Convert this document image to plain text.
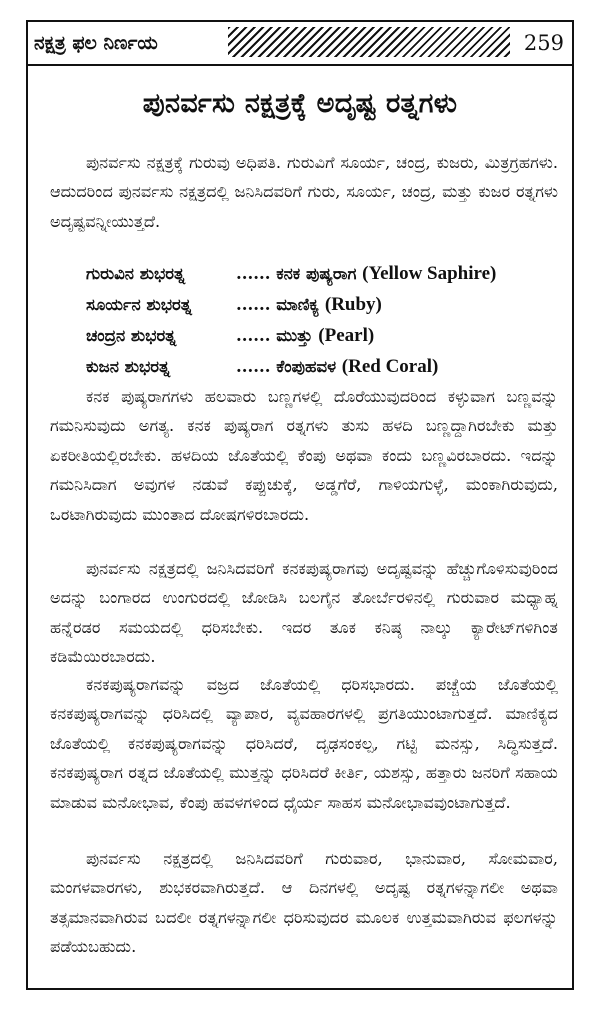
ನಕ್ಷತ್ರ ಫಲ ನಿರ್ಣಯ	259
ಪುನರ್ವಸು ನಕ್ಷತ್ರಕ್ಕೆ ಅದೃಷ್ಟ ರತ್ನಗಳು

ಪುನರ್ವಸು ನಕ್ಷತ್ರಕ್ಕೆ ಗುರುವು ಅಧಿಪತಿ. ಗುರುವಿಗೆ ಸೂರ್ಯ, ಚಂದ್ರ, ಕುಜರು, ಮಿತ್ರಗ್ರಹಗಳು. ಆದುದರಿಂದ ಪುನರ್ವಸು ನಕ್ಷತ್ರದಲ್ಲಿ ಜನಿಸಿದವರಿಗೆ ಗುರು, ಸೂರ್ಯ, ಚಂದ್ರ, ಮತ್ತು ಕುಜರ ರತ್ನಗಳು ಅದೃಷ್ಟವನ್ನೀಯುತ್ತದೆ.

ಗುರುವಿನ ಶುಭರತ್ನ	...... ಕನಕ ಪುಷ್ಯರಾಗ (Yellow Saphire)
ಸೂರ್ಯನ ಶುಭರತ್ನ	...... ಮಾಣಿಕ್ಯ (Ruby)
ಚಂದ್ರನ ಶುಭರತ್ನ	...... ಮುತ್ತು (Pearl)
ಕುಜನ ಶುಭರತ್ನ	...... ಕೆಂಪುಹವಳ (Red Coral)

ಕನಕ ಪುಷ್ಯರಾಗಗಳು ಹಲವಾರು ಬಣ್ಣಗಳಲ್ಲಿ ದೊರೆಯುವುದರಿಂದ ಕಳ್ಳುವಾಗ ಬಣ್ಣವನ್ನು ಗಮನಿಸುವುದು ಅಗತ್ಯ. ಕನಕ ಪುಷ್ಯರಾಗ ರತ್ನಗಳು ತುಸು ಹಳದಿ ಬಣ್ಣದ್ದಾಗಿರಬೇಕು ಮತ್ತು ಏಕರೀತಿಯಲ್ಲಿರಬೇಕು. ಹಳದಿಯ ಜೊತೆಯಲ್ಲಿ ಕೆಂಪು ಅಥವಾ ಕಂದು ಬಣ್ಣವಿರಬಾರದು. ಇದನ್ನು ಗಮನಿಸಿದಾಗ ಅವುಗಳ ನಡುವೆ ಕಪ್ಪುಚುಕ್ಕೆ, ಅಡ್ಡಗೆರೆ, ಗಾಳಿಯಗುಳ್ಳೆ, ಮಂಕಾಗಿರುವುದು, ಒರಟಾಗಿರುವುದು ಮುಂತಾದ ದೋಷಗಳಿರಬಾರದು.

ಪುನರ್ವಸು ನಕ್ಷತ್ರದಲ್ಲಿ ಜನಿಸಿದವರಿಗೆ ಕನಕಪುಷ್ಯರಾಗವು ಅದೃಷ್ಟವನ್ನು ಹೆಚ್ಚುಗೊಳಿಸುವುರಿಂದ ಅದನ್ನು ಬಂಗಾರದ ಉಂಗುರದಲ್ಲಿ ಜೋಡಿಸಿ ಬಲಗೈನ ತೋರ್ಬೆರಳಿನಲ್ಲಿ ಗುರುವಾರ ಮಧ್ಯಾಹ್ನ ಹನ್ನೆರಡರ ಸಮಯದಲ್ಲಿ ಧರಿಸಬೇಕು. ಇದರ ತೂಕ ಕನಿಷ್ಠ ನಾಲ್ಕು ಕ್ಯಾರೇಟ್‌ಗಳಿಗಿಂತ ಕಡಿಮೆಯಿರಬಾರದು.

ಕನಕಪುಷ್ಯರಾಗವನ್ನು ವಜ್ರದ ಜೊತೆಯಲ್ಲಿ ಧರಿಸಭಾರದು. ಪಚ್ಚೆಯ ಜೊತೆಯಲ್ಲಿ ಕನಕಪುಷ್ಯರಾಗವನ್ನು ಧರಿಸಿದಲ್ಲಿ ವ್ಯಾಪಾರ, ವ್ಯವಹಾರಗಳಲ್ಲಿ ಪ್ರಗತಿಯುಂಟಾಗುತ್ತದೆ. ಮಾಣಿಕ್ಯದ ಜೊತೆಯಲ್ಲಿ ಕನಕಪುಷ್ಯರಾಗವನ್ನು ಧರಿಸಿದರೆ, ದೃಢಸಂಕಲ್ಪ, ಗಟ್ಟಿ ಮನಸ್ಸು, ಸಿದ್ಧಿಸುತ್ತದೆ. ಕನಕಪುಷ್ಯರಾಗ ರತ್ನದ ಜೊತೆಯಲ್ಲಿ ಮುತ್ತನ್ನು ಧರಿಸಿದರೆ ಕೀರ್ತಿ, ಯಶಸ್ಸು, ಹತ್ತಾರು ಜನರಿಗೆ ಸಹಾಯ ಮಾಡುವ ಮನೋಭಾವ, ಕೆಂಪು ಹವಳಗಳಿಂದ ಧೈರ್ಯ ಸಾಹಸ ಮನೋಭಾವವುಂಟಾಗುತ್ತದೆ.

ಪುನರ್ವಸು ನಕ್ಷತ್ರದಲ್ಲಿ ಜನಿಸಿದವರಿಗೆ ಗುರುವಾರ, ಭಾನುವಾರ, ಸೋಮವಾರ, ಮಂಗಳವಾರಗಳು, ಶುಭಕರವಾಗಿರುತ್ತದೆ. ಆ ದಿನಗಳಲ್ಲಿ ಅದೃಷ್ಟ ರತ್ನಗಳನ್ನಾಗಲೀ ಅಥವಾ ತತ್ಸಮಾನವಾಗಿರುವ ಬದಲೀ ರತ್ನಗಳನ್ನಾಗಲೀ ಧರಿಸುವುದರ ಮೂಲಕ ಉತ್ತಮವಾಗಿರುವ ಫಲಗಳನ್ನು ಪಡೆಯಬಹುದು.
